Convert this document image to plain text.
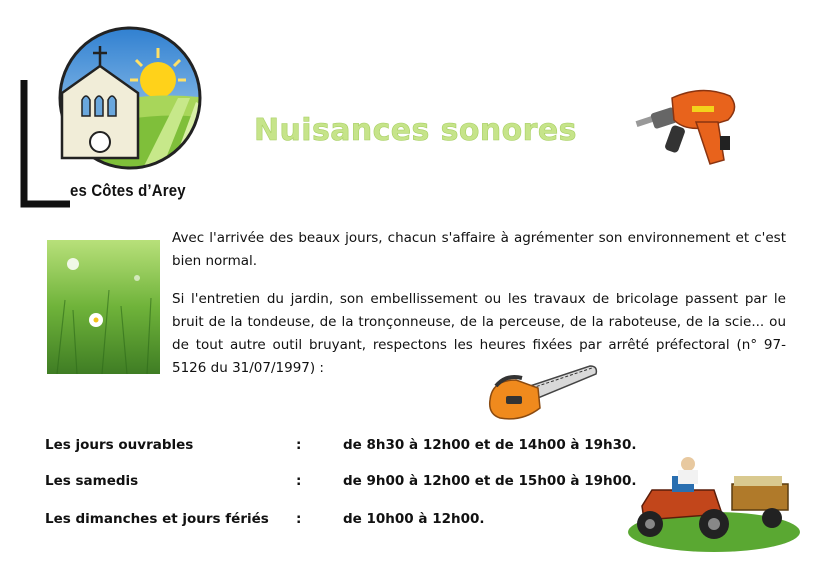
es Côtes d’Arey
Nuisances sonores
Avec l'arrivée des beaux jours, chacun s'affaire à agrémenter son environnement et c'est bien normal.
Si l'entretien du jardin, son embellissement ou les travaux de bricolage passent par le bruit de la tondeuse, de la tronçonneuse, de la perceuse, de la raboteuse, de la scie... ou de tout autre outil bruyant, respectons les heures fixées par arrêté préfectoral (n° 97-5126 du 31/07/1997) :
Les jours ouvrables	:	de 8h30 à 12h00 et de 14h00 à 19h30.
Les samedis	:	de 9h00 à 12h00 et de 15h00 à 19h00.
Les dimanches et jours fériés :	de 10h00 à 12h00.
